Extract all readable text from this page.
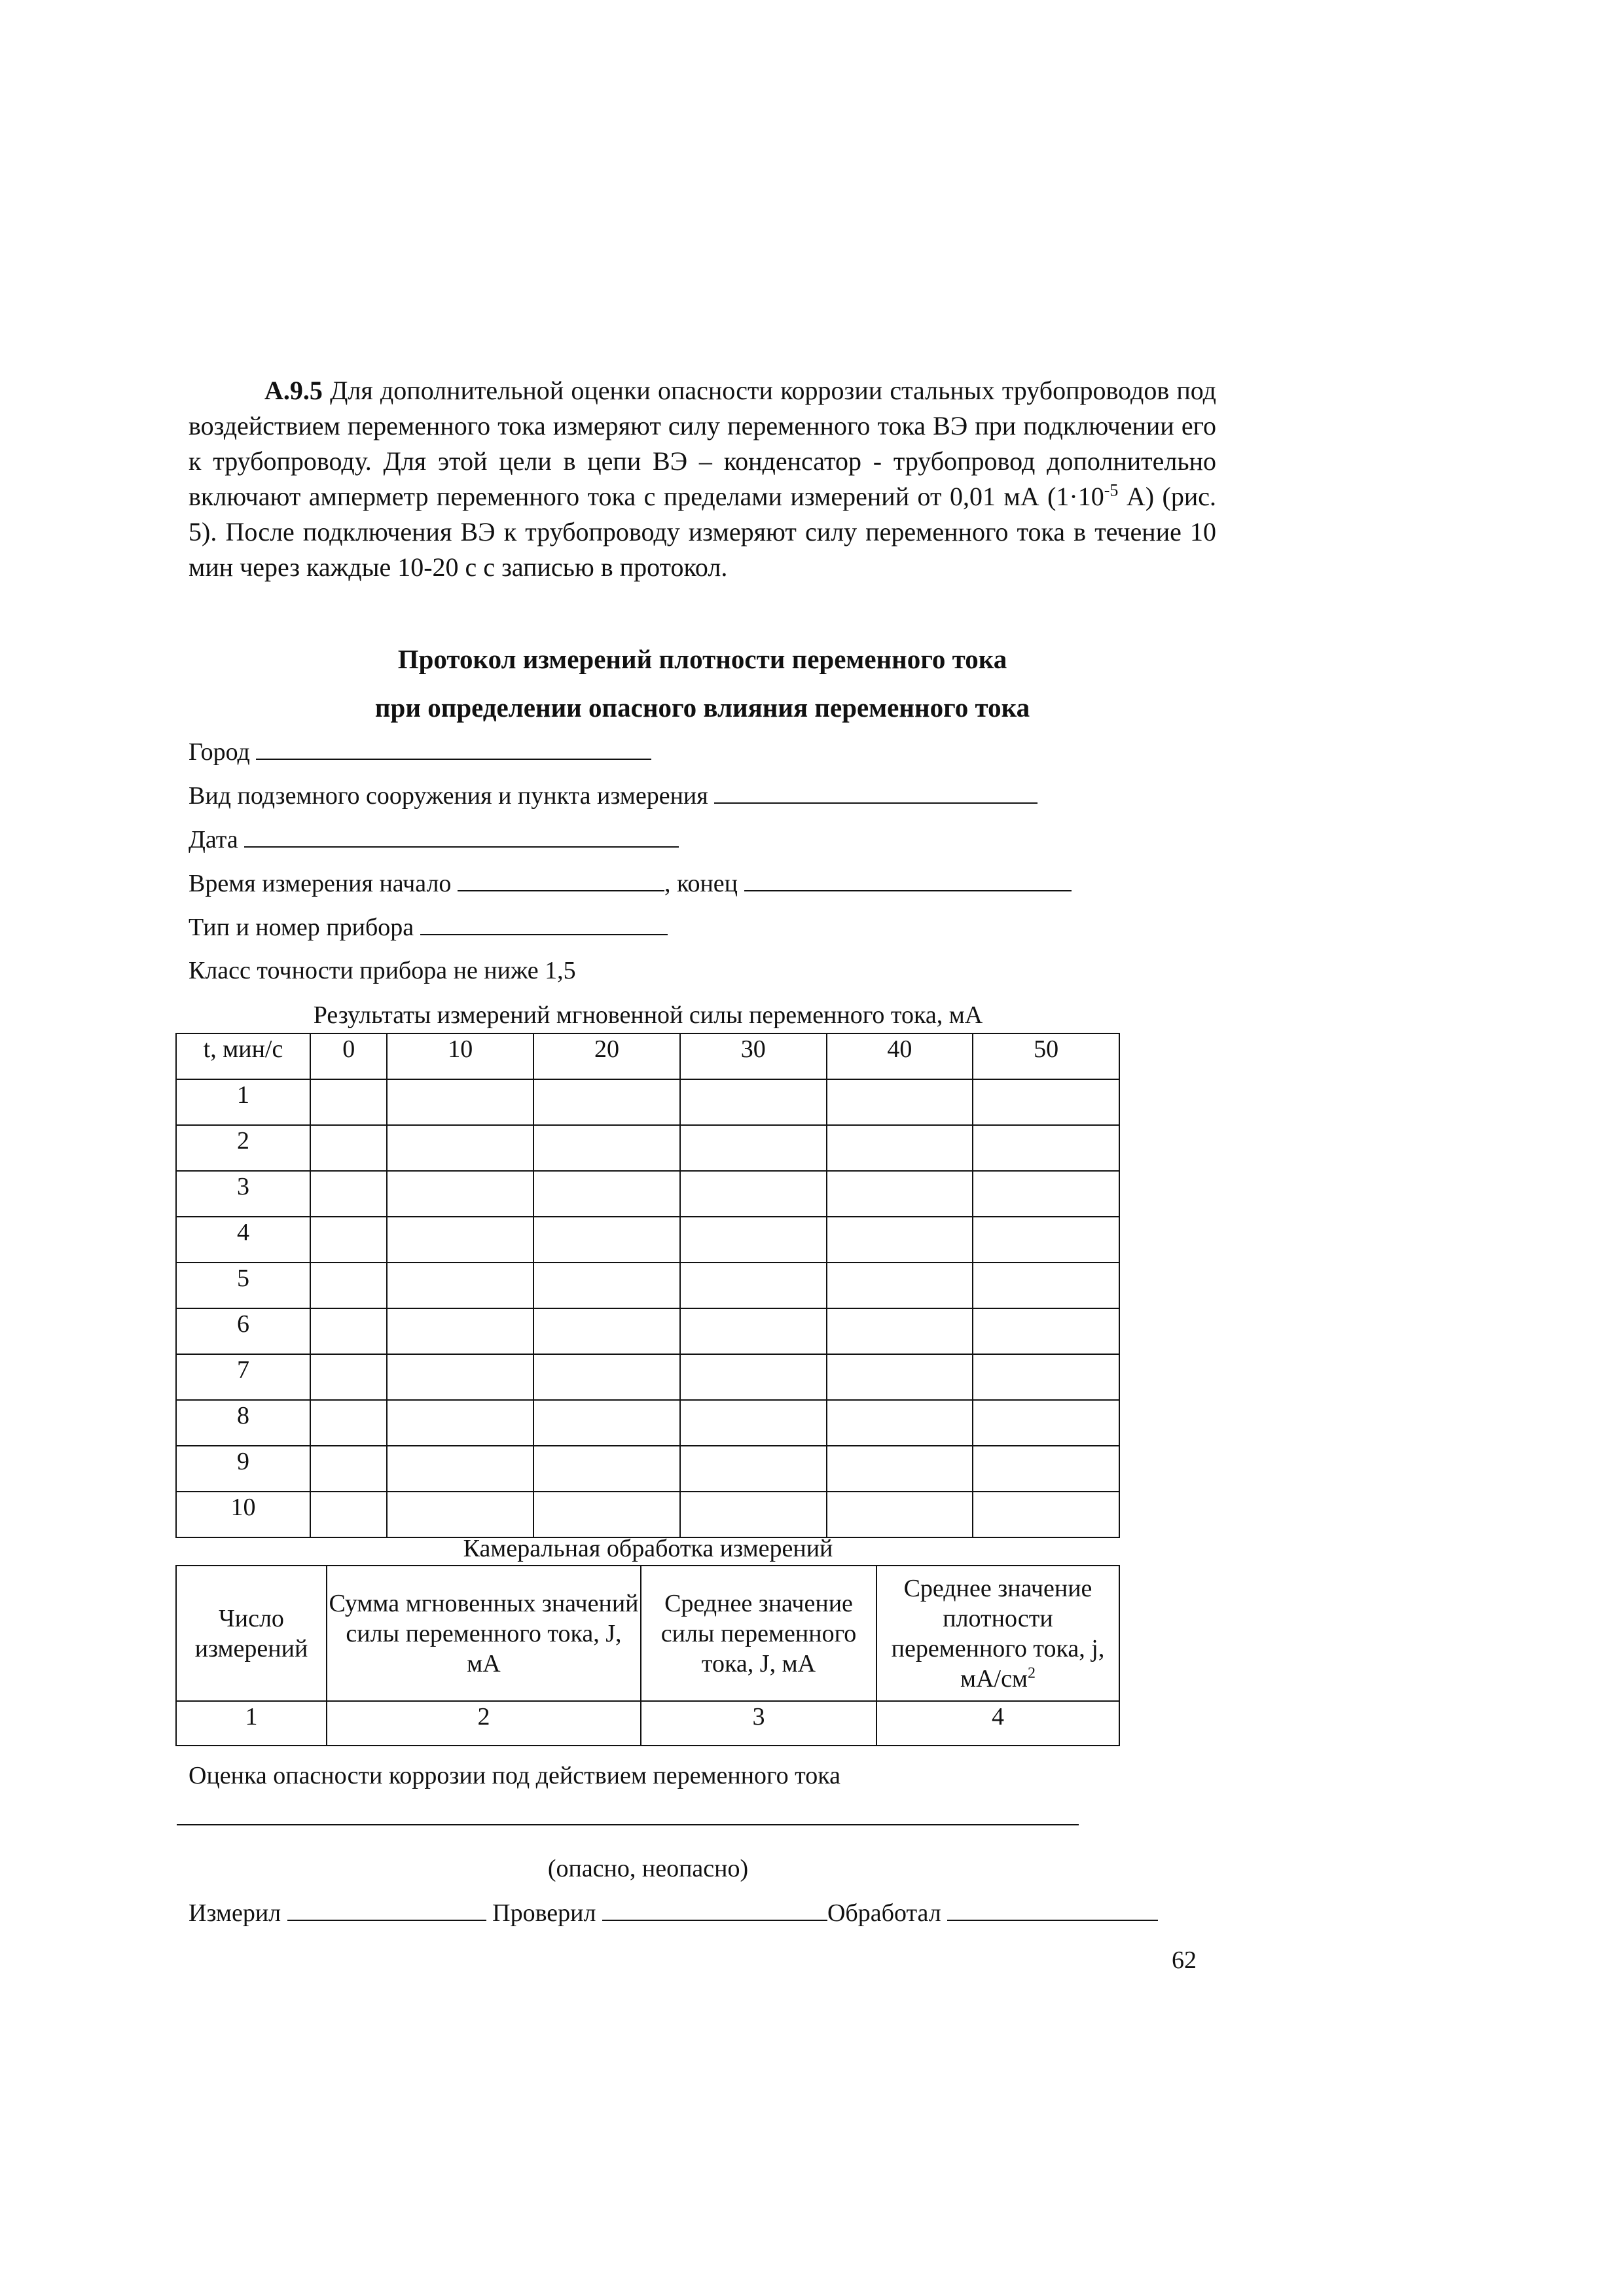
А.9.5 Для дополнительной оценки опасности коррозии стальных трубопроводов под воздействием переменного тока измеряют силу переменного тока ВЭ при подключении его к трубопроводу. Для этой цели в цепи ВЭ – конденсатор - трубопровод дополнительно включают амперметр переменного тока с пределами измерений от 0,01 мА ($1\cdot 10^{-5}$ А) (рис. 5). После подключения ВЭ к трубопроводу измеряют силу переменного тока в течение 10 мин через каждые 10-20 с с записью в протокол.
Протокол измерений плотности переменного тока
при определении опасного влияния переменного тока
Город
Вид подземного сооружения и пункта измерения
Дата
Время измерения начало	, конец
Тип и номер прибора
Класс точности прибора не ниже 1,5
Результаты измерений мгновенной силы переменного тока, мА
t, мин/с	0	10	20	30	40	50
1						
2						
3						
4						
5						
6						
7						
8						
9						
10						
Камеральная обработка измерений
Число измерений	Сумма мгновенных значений силы переменного тока, J, мА	Среднее значение силы переменного тока, J, мА	Среднее значение плотности переменного тока, j, $мА/см^2$
1	2	3	4
Оценка опасности коррозии под действием переменного тока
(опасно, неопасно)
Измерил	Проверил	Обработал
62
